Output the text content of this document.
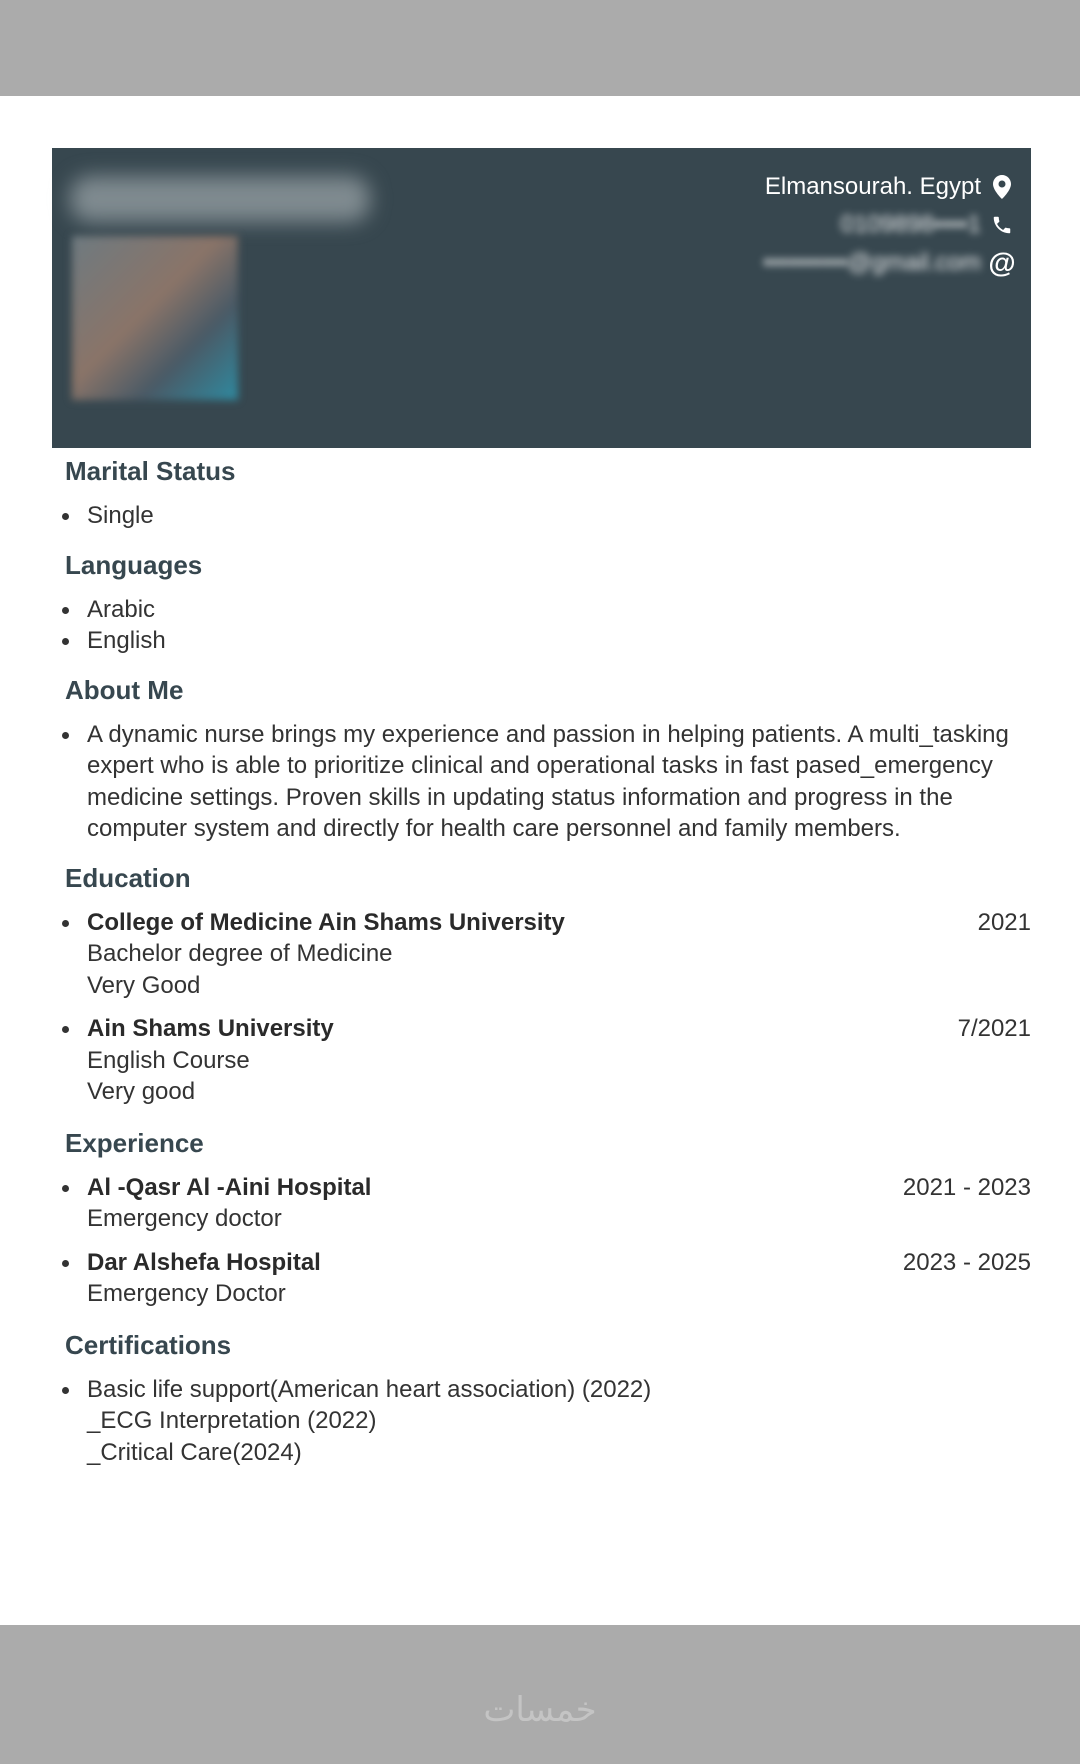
خمسات
Elmansourah. Egypt
0109898••••1
••••••••••@gmail.com @
Marital Status
Single
Languages
Arabic
English
About Me
A dynamic nurse brings my experience and passion in helping patients. A multi_tasking expert who is able to prioritize clinical and operational tasks in fast pased_emergency medicine settings. Proven skills in updating status information and progress in the computer system and directly for health care personnel and family members.
Education
College of Medicine Ain Shams University	2021
Bachelor degree of Medicine
Very Good
Ain Shams University	7/2021
English Course
Very good
Experience
Al -Qasr Al -Aini Hospital	2021 - 2023
Emergency doctor
Dar Alshefa Hospital	2023 - 2025
Emergency Doctor
Certifications
Basic life support(American heart association) (2022)
_ECG Interpretation (2022)
_Critical Care(2024)
